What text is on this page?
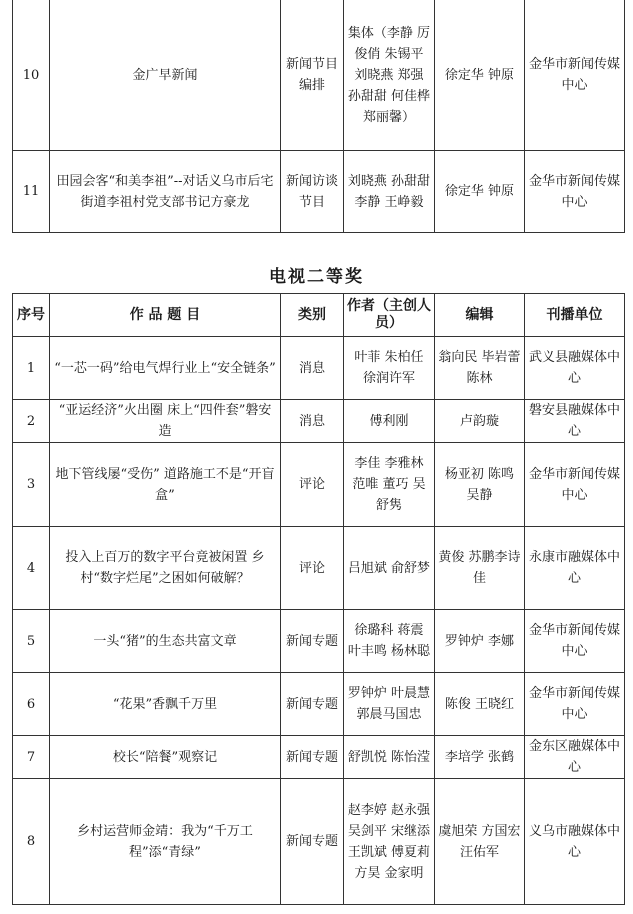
10	金广早新闻	新闻节目编排	集体（李静 厉俊俏 朱锡平 刘晓燕 郑强 孙甜甜 何佳桦 郑丽馨）	徐定华 钟原	金华市新闻传媒中心
11	田园会客“和美李祖”--对话义乌市后宅街道李祖村党支部书记方豪龙	新闻访谈节目	刘晓燕 孙甜甜 李静 王峥毅	徐定华 钟原	金华市新闻传媒中心
电视二等奖
序号	作 品 题 目	类别	作者（主创人员）	编辑	刊播单位
1	“一芯一码”给电气焊行业上“安全链条”	消息	叶菲 朱柏任 徐润许军	翁向民 毕岩蕾 陈林	武义县融媒体中心
2	“亚运经济”火出圈 床上“四件套”磐安造	消息	傅利刚	卢韵璇	磐安县融媒体中心
3	地下管线屡“受伤” 道路施工不是“开盲盒”	评论	李佳 李雅林 范唯 董巧 吴舒隽	杨亚初 陈鸣 吴静	金华市新闻传媒中心
4	投入上百万的数字平台竟被闲置 乡村“数字烂尾”之困如何破解？	评论	吕旭斌 俞舒梦	黄俊 苏鹏李诗佳	永康市融媒体中心
5	一头“猪”的生态共富文章	新闻专题	徐璐科 蒋震 叶丰鸣 杨林聪	罗钟炉 李娜	金华市新闻传媒中心
6	“花果”香飘千万里	新闻专题	罗钟炉 叶晨慧 郭晨马国忠	陈俊 王晓红	金华市新闻传媒中心
7	校长“陪餐”观察记	新闻专题	舒凯悦 陈怡滢	李培学 张鹤	金东区融媒体中心
8	乡村运营师金靖：我为“千万工程”添“青绿”	新闻专题	赵李婷 赵永强 吴剑平 宋继添 王凯斌 傅夏莉 方昊 金家明	虞旭荣 方国宏 汪佑军	义乌市融媒体中心
